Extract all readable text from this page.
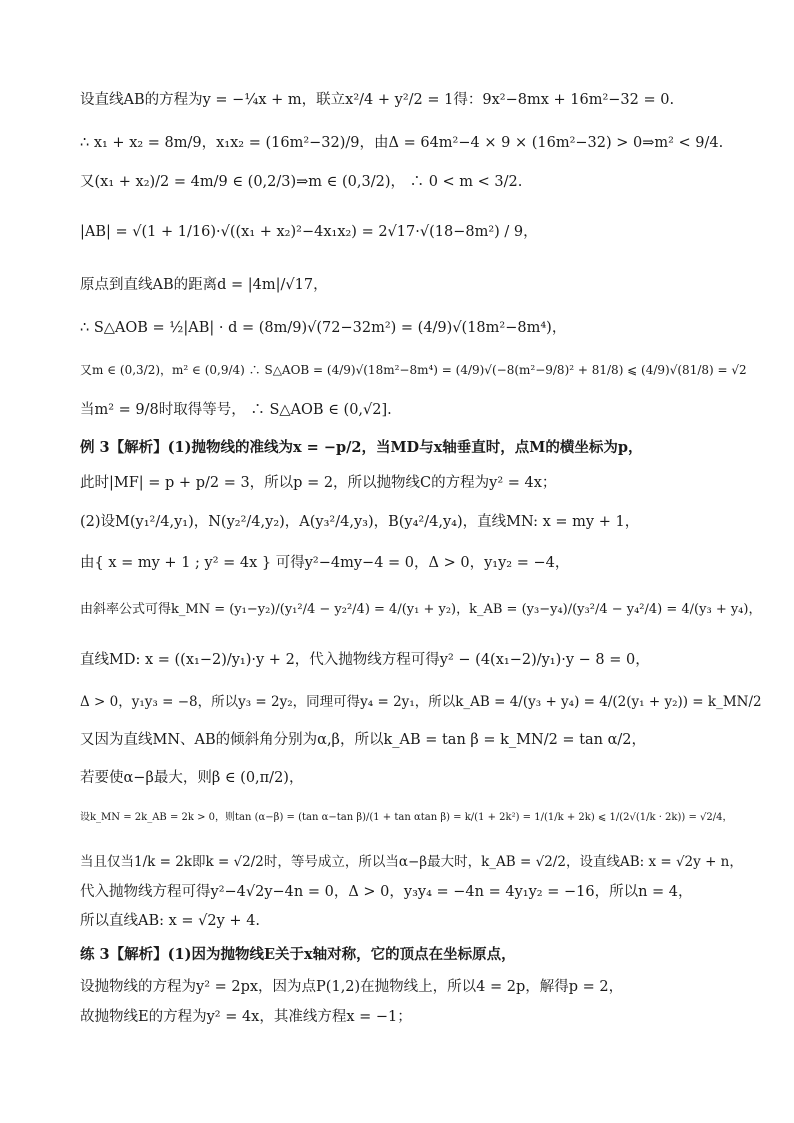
设直线AB的方程为y = −¼x + m，联立x²/4 + y²/2 = 1得：9x²−8mx + 16m²−32 = 0.
∴ x₁ + x₂ = 8m/9，x₁x₂ = (16m²−32)/9，由Δ = 64m²−4 × 9 × (16m²−32) > 0⇒m² < 9/4.
又(x₁ + x₂)/2 = 4m/9 ∈ (0,2/3)⇒m ∈ (0,3/2)， ∴ 0 < m < 3/2.
|AB| = √(1 + 1/16)·√((x₁ + x₂)²−4x₁x₂) = 2√17·√(18−8m²) / 9，
原点到直线AB的距离d = |4m|/√17，
∴ S△AOB = ½|AB| · d = (8m/9)√(72−32m²) = (4/9)√(18m²−8m⁴)，
又m ∈ (0,3/2)，m² ∈ (0,9/4) ∴ S△AOB = (4/9)√(18m²−8m⁴) = (4/9)√(−8(m²−9/8)² + 81/8) ⩽ (4/9)√(81/8) = √2
当m² = 9/8时取得等号， ∴ S△AOB ∈ (0,√2].
例 3【解析】(1)抛物线的准线为x = −p/2，当MD与x轴垂直时，点M的横坐标为p，
此时|MF| = p + p/2 = 3，所以p = 2，所以抛物线C的方程为y² = 4x；
(2)设M(y₁²/4,y₁)，N(y₂²/4,y₂)，A(y₃²/4,y₃)，B(y₄²/4,y₄)，直线MN: x = my + 1，
由{ x = my + 1 ; y² = 4x } 可得y²−4my−4 = 0，Δ > 0，y₁y₂ = −4，
由斜率公式可得k_MN = (y₁−y₂)/(y₁²/4 − y₂²/4) = 4/(y₁ + y₂)，k_AB = (y₃−y₄)/(y₃²/4 − y₄²/4) = 4/(y₃ + y₄)，
直线MD: x = ((x₁−2)/y₁)·y + 2，代入抛物线方程可得y² − (4(x₁−2)/y₁)·y − 8 = 0，
Δ > 0，y₁y₃ = −8，所以y₃ = 2y₂，同理可得y₄ = 2y₁，所以k_AB = 4/(y₃ + y₄) = 4/(2(y₁ + y₂)) = k_MN/2
又因为直线MN、AB的倾斜角分别为α,β，所以k_AB = tan β = k_MN/2 = tan α/2，
若要使α−β最大，则β ∈ (0,π/2)，
设k_MN = 2k_AB = 2k > 0，则tan (α−β) = (tan α−tan β)/(1 + tan αtan β) = k/(1 + 2k²) = 1/(1/k + 2k) ⩽ 1/(2√(1/k · 2k)) = √2/4，
当且仅当1/k = 2k即k = √2/2时，等号成立，所以当α−β最大时，k_AB = √2/2，设直线AB: x = √2y + n，
代入抛物线方程可得y²−4√2y−4n = 0，Δ > 0，y₃y₄ = −4n = 4y₁y₂ = −16，所以n = 4，
所以直线AB: x = √2y + 4.
练 3【解析】(1)因为抛物线E关于x轴对称，它的顶点在坐标原点，
设抛物线的方程为y² = 2px，因为点P(1,2)在抛物线上，所以4 = 2p，解得p = 2，
故抛物线E的方程为y² = 4x，其准线方程x = −1；
